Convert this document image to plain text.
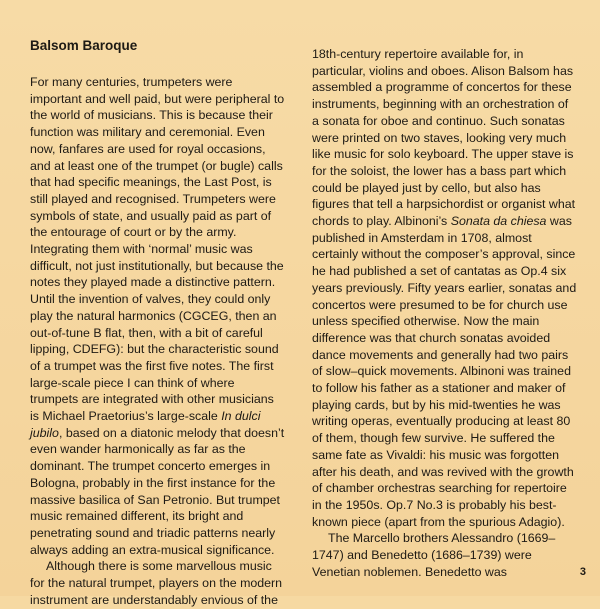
Balsom Baroque

For many centuries, trumpeters were important and well paid, but were peripheral to the world of musicians. This is because their function was military and ceremonial. Even now, fanfares are used for royal occasions, and at least one of the trumpet (or bugle) calls that had specific meanings, the Last Post, is still played and recognised. Trumpeters were symbols of state, and usually paid as part of the entourage of court or by the army. Integrating them with ‘normal’ music was difficult, not just institutionally, but because the notes they played made a distinctive pattern. Until the invention of valves, they could only play the natural harmonics (CGCEG, then an out-of-tune B flat, then, with a bit of careful lipping, CDEFG): but the characteristic sound of a trumpet was the first five notes. The first large-scale piece I can think of where trumpets are integrated with other musicians is Michael Praetorius’s large-scale In dulci jubilo, based on a diatonic melody that doesn’t even wander harmonically as far as the dominant. The trumpet concerto emerges in Bologna, probably in the first instance for the massive basilica of San Petronio. But trumpet music remained different, its bright and penetrating sound and triadic patterns nearly always adding an extra-musical significance.

Although there is some marvellous music for the natural trumpet, players on the modern instrument are understandably envious of the

18th-century repertoire available for, in particular, violins and oboes. Alison Balsom has assembled a programme of concertos for these instruments, beginning with an orchestration of a sonata for oboe and continuo. Such sonatas were printed on two staves, looking very much like music for solo keyboard. The upper stave is for the soloist, the lower has a bass part which could be played just by cello, but also has figures that tell a harpsichordist or organist what chords to play. Albinoni’s Sonata da chiesa was published in Amsterdam in 1708, almost certainly without the composer’s approval, since he had published a set of cantatas as Op.4 six years previously. Fifty years earlier, sonatas and concertos were presumed to be for church use unless specified otherwise. Now the main difference was that church sonatas avoided dance movements and generally had two pairs of slow–quick movements. Albinoni was trained to follow his father as a stationer and maker of playing cards, but by his mid-twenties he was writing operas, eventually producing at least 80 of them, though few survive. He suffered the same fate as Vivaldi: his music was forgotten after his death, and was revived with the growth of chamber orchestras searching for repertoire in the 1950s. Op.7 No.3 is probably his best-known piece (apart from the spurious Adagio).

The Marcello brothers Alessandro (1669–1747) and Benedetto (1686–1739) were Venetian noblemen. Benedetto was	3
